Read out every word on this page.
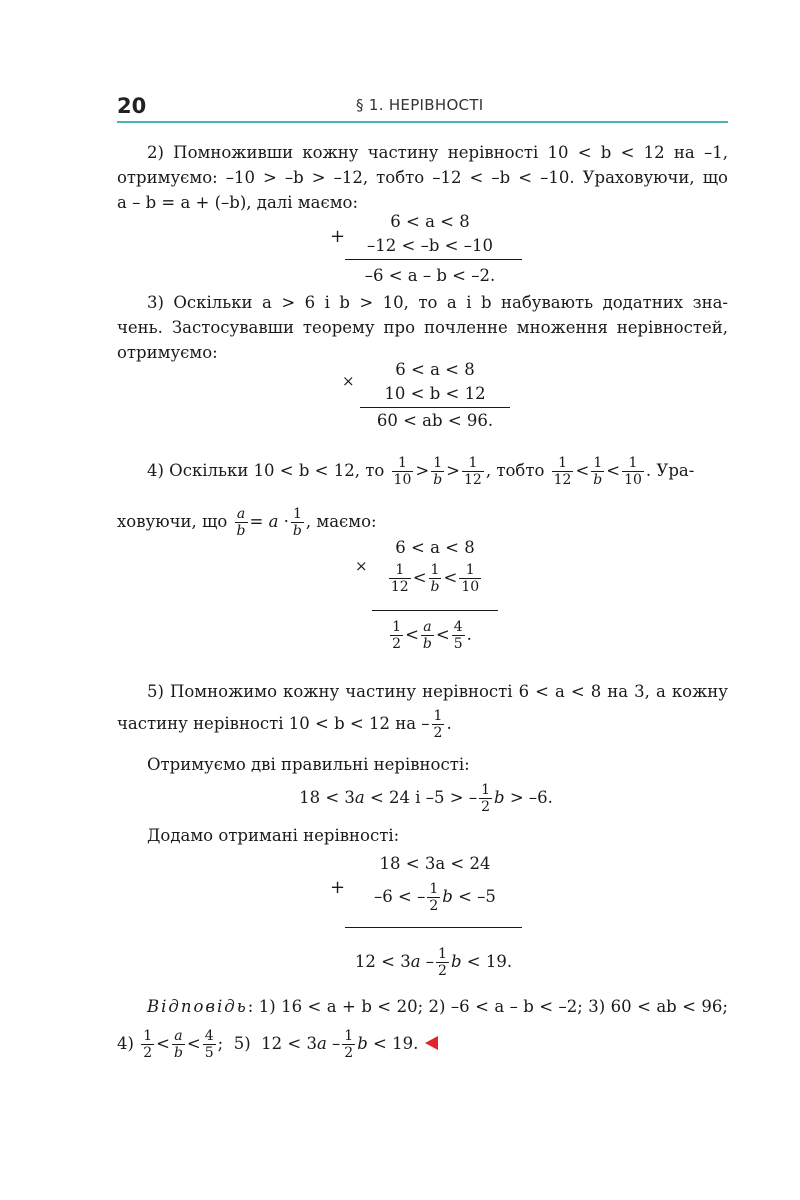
20	§ 1. НЕРІВНОСТІ
2) Помноживши кожну частину нерівності 10 < b < 12 на –1,
отримуємо: –10 > –b > –12, тобто –12 < –b < –10. Ураховуючи, що
a – b = a + (–b), далі маємо:
+
6 < a < 8
–12 < –b < –10
–6 < a – b < –2.
3) Оскільки a > 6 і b > 10, то a і b набувають додатних зна-
чень. Застосувавши теорему про почленне множення нерівностей,
отримуємо:
×
6 < a < 8
10 < b < 12
60 < ab < 96.
4) Оскільки 10 < b < 12, то $\frac{1}{10} > \frac{1}{b} > \frac{1}{12}$ , тобто $\frac{1}{12} < \frac{1}{b} < \frac{1}{10}$ . Ура-
ховуючи, що $\frac{a}{b} = a \cdot \frac{1}{b}$ , маємо:
×
6 < a < 8
$\frac{1}{12} < \frac{1}{b} < \frac{1}{10}$
$\frac{1}{2} < \frac{a}{b} < \frac{4}{5}$ .
5) Помножимо кожну частину нерівності 6 < a < 8 на 3, а кожну
частину нерівності 10 < b < 12 на – $\frac{1}{2}$ .
Отримуємо дві правильні нерівності:
18 < 3a < 24 і –5 > – $\frac{1}{2}$ b > –6.
Додамо отримані нерівності:
+
18 < 3a < 24
–6 < – $\frac{1}{2}$ b < –5
$12 < 3a - \frac{1}{2}$ b < 19.
Відповідь: 1) 16 < a + b < 20; 2) –6 < a – b < –2; 3) 60 < ab < 96;
$4) \frac{1}{2} < \frac{a}{b} < \frac{4}{5}$ ;  5)  $12 < 3a - \frac{1}{2}$ b < 19.
